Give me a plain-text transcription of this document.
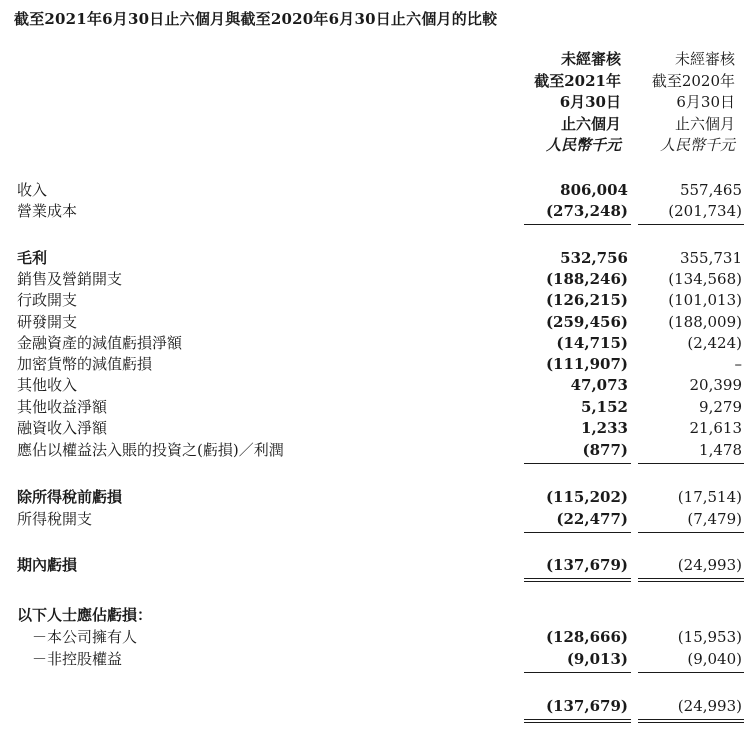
截至2021年6月30日止六個月與截至2020年6月30日止六個月的比較
未經審核
截至2021年
6月30日
止六個月
人民幣千元
未經審核
截至2020年
6月30日
止六個月
人民幣千元
收入	806,004	557,465
營業成本	(273,248)	(201,734)
毛利	532,756	355,731
銷售及營銷開支	(188,246)	(134,568)
行政開支	(126,215)	(101,013)
研發開支	(259,456)	(188,009)
金融資產的減值虧損淨額	(14,715)	(2,424)
加密貨幣的減值虧損	(111,907)	–
其他收入	47,073	20,399
其他收益淨額	5,152	9,279
融資收入淨額	1,233	21,613
應佔以權益法入賬的投資之(虧損)／利潤	(877)	1,478
除所得稅前虧損	(115,202)	(17,514)
所得稅開支	(22,477)	(7,479)
期內虧損	(137,679)	(24,993)
以下人士應佔虧損：
－本公司擁有人	(128,666)	(15,953)
－非控股權益	(9,013)	(9,040)
(137,679)	(24,993)
